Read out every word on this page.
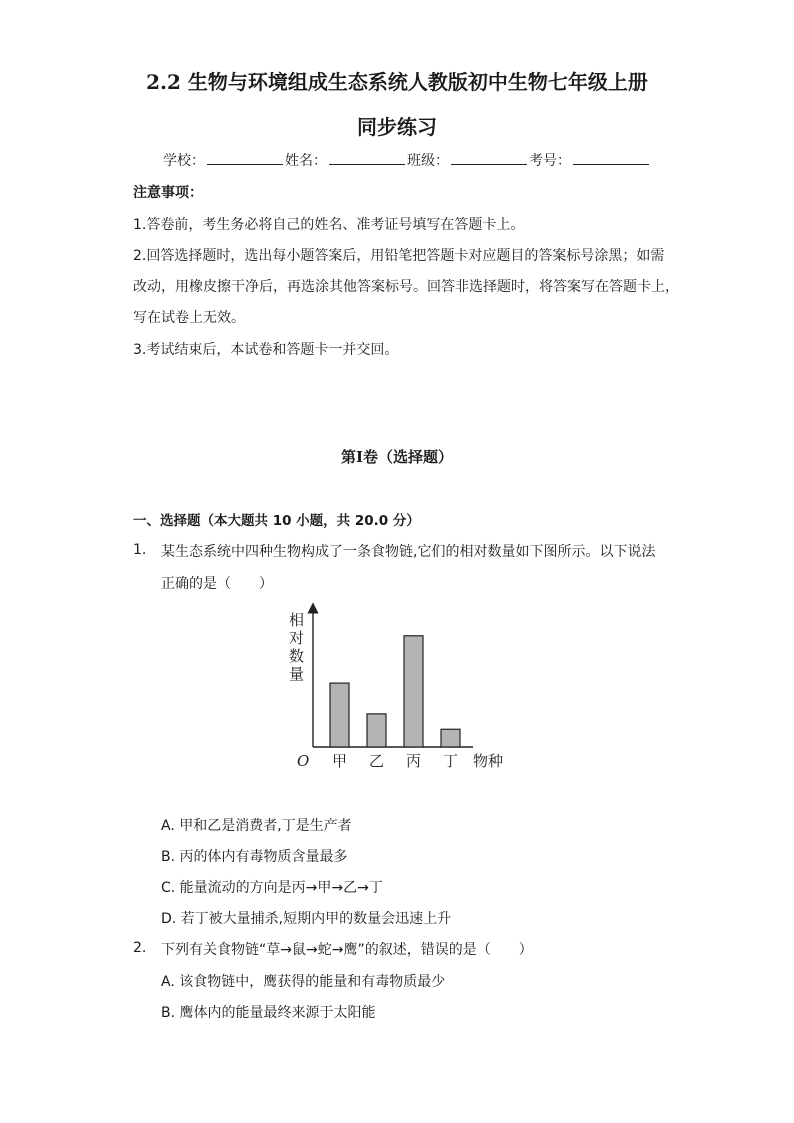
2.2 生物与环境组成生态系统人教版初中生物七年级上册
同步练习
学校：	姓名：	班级：	考号：
注意事项：
1.答卷前，考生务必将自己的姓名、准考证号填写在答题卡上。
2.回答选择题时，选出每小题答案后，用铅笔把答题卡对应题目的答案标号涂黑；如需
改动，用橡皮擦干净后，再选涂其他答案标号。回答非选择题时，将答案写在答题卡上，
写在试卷上无效。
3.考试结束后，本试卷和答题卡一并交回。
第I卷（选择题）
一、选择题（本大题共 10 小题，共 20.0 分）
1. 某生态系统中四种生物构成了一条食物链,它们的相对数量如下图所示。以下说法
正确的是（　　）
相
对
数
量
甲 乙 丙 丁
O	物种
A. 甲和乙是消费者,丁是生产者
B. 丙的体内有毒物质含量最多
C. 能量流动的方向是丙→甲→乙→丁
D. 若丁被大量捕杀,短期内甲的数量会迅速上升
2. 下列有关食物链“草→鼠→蛇→鹰”的叙述，错误的是（　　）
A. 该食物链中，鹰获得的能量和有毒物质最少
B. 鹰体内的能量最终来源于太阳能
